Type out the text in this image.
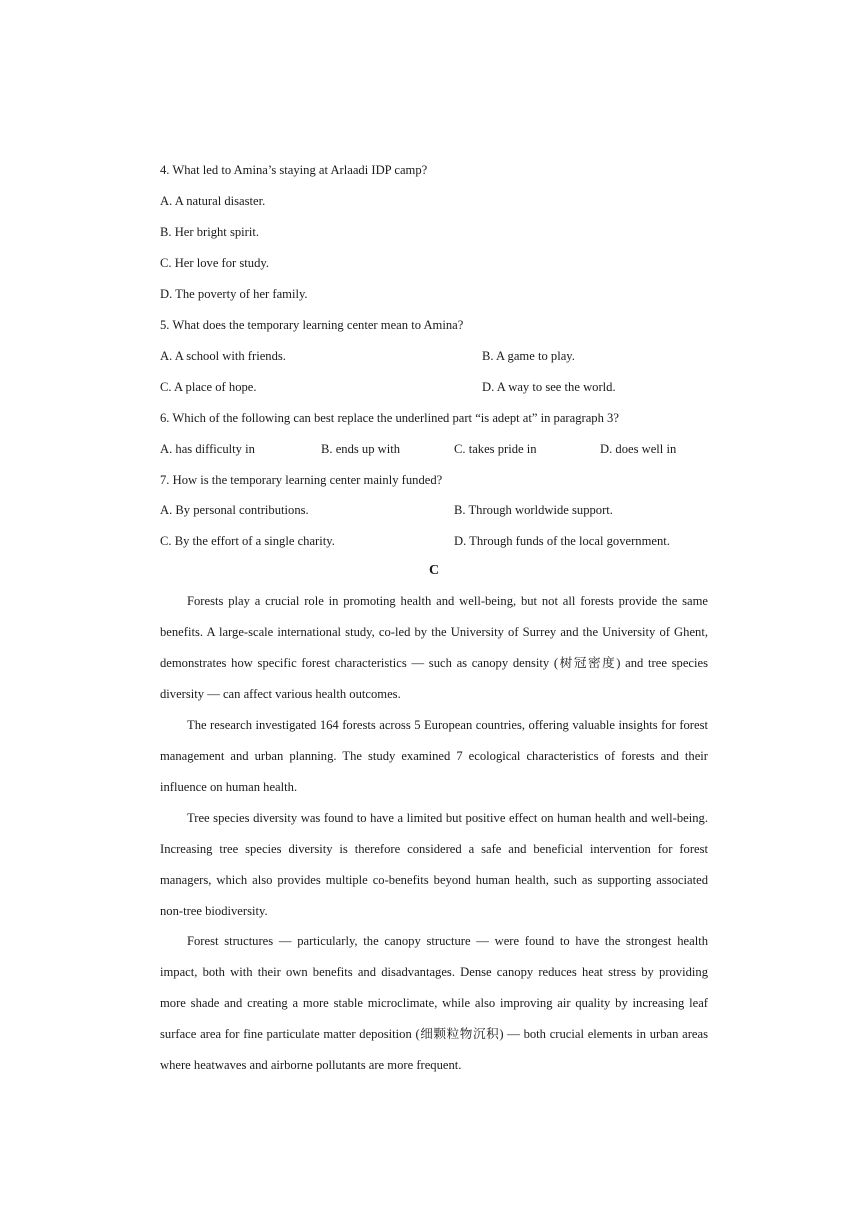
4. What led to Amina’s staying at Arlaadi IDP camp?
A. A natural disaster.
B. Her bright spirit.
C. Her love for study.
D. The poverty of her family.
5. What does the temporary learning center mean to Amina?
A. A school with friends.	B. A game to play.
C. A place of hope.	D. A way to see the world.
6. Which of the following can best replace the underlined part “is adept at” in paragraph 3?
A. has difficulty in	B. ends up with	C. takes pride in	D. does well in
7. How is the temporary learning center mainly funded?
A. By personal contributions.	B. Through worldwide support.
C. By the effort of a single charity.	D. Through funds of the local government.
C

Forests play a crucial role in promoting health and well-being, but not all forests provide the same benefits. A large-scale international study, co-led by the University of Surrey and the University of Ghent, demonstrates how specific forest characteristics — such as canopy density (树冠密度) and tree species diversity — can affect various health outcomes.

The research investigated 164 forests across 5 European countries, offering valuable insights for forest management and urban planning. The study examined 7 ecological characteristics of forests and their influence on human health.

Tree species diversity was found to have a limited but positive effect on human health and well-being. Increasing tree species diversity is therefore considered a safe and beneficial intervention for forest managers, which also provides multiple co-benefits beyond human health, such as supporting associated non-tree biodiversity.

Forest structures — particularly, the canopy structure — were found to have the strongest health impact, both with their own benefits and disadvantages. Dense canopy reduces heat stress by providing more shade and creating a more stable microclimate, while also improving air quality by increasing leaf surface area for fine particulate matter deposition (细颗粒物沉积) — both crucial elements in urban areas where heatwaves and airborne pollutants are more frequent.
